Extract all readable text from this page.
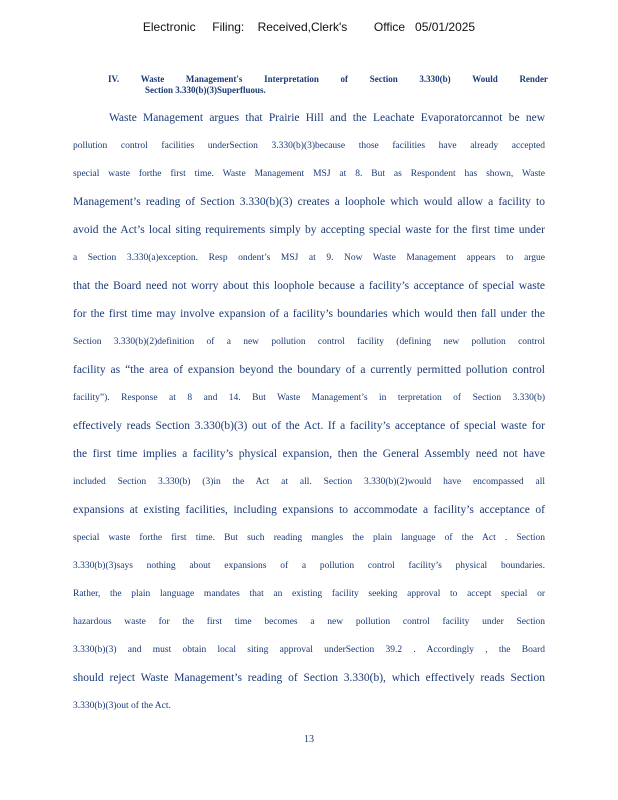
Electronic     Filing:    Received,Clerk's        Office   05/01/2025
IV. Waste Management's Interpretation of Section 3.330(b) Would Render
Section 3.330(b)(3)Superfluous.
Waste Management argues that Prairie Hill and the Leachate Evaporatorcannot be new
pollution control facilities underSection 3.330(b)(3)because those facilities have already accepted
special waste forthe first time. Waste Management MSJ at 8. But as Respondent has shown, Waste
Management’s reading of Section 3.330(b)(3) creates a loophole which would allow a facility to
avoid the Act’s local siting requirements simply by accepting special waste for the first time under
a Section 3.330(a)exception. Resp ondent’s MSJ at 9. Now Waste Management appears to argue
that the Board need not worry about this loophole because a facility’s acceptance of special waste
for the first time may involve expansion of a facility’s boundaries which would then fall under the
Section 3.330(b)(2)definition of a new pollution control facility (defining new pollution control
facility as “the area of expansion beyond the boundary of a currently permitted pollution control
facility”). Response at 8 and 14. But Waste Management’s in terpretation of Section 3.330(b)
effectively reads Section 3.330(b)(3) out of the Act. If a facility’s acceptance of special waste for
the first time implies a facility’s physical expansion, then the General Assembly need not have
included Section 3.330(b) (3)in the Act at all. Section 3.330(b)(2)would have encompassed all
expansions at existing facilities, including expansions to accommodate a facility’s acceptance of
special waste forthe first time. But such reading mangles the plain language of the Act . Section
3.330(b)(3)says nothing about expansions of a pollution control facility’s physical boundaries.
Rather, the plain language mandates that an existing facility seeking approval to accept special or
hazardous waste for the first time becomes a new pollution control facility under Section
3.330(b)(3) and must obtain local siting approval underSection 39.2 . Accordingly , the Board
should reject Waste Management’s reading of Section 3.330(b), which effectively reads Section
3.330(b)(3)out of the Act.
13
